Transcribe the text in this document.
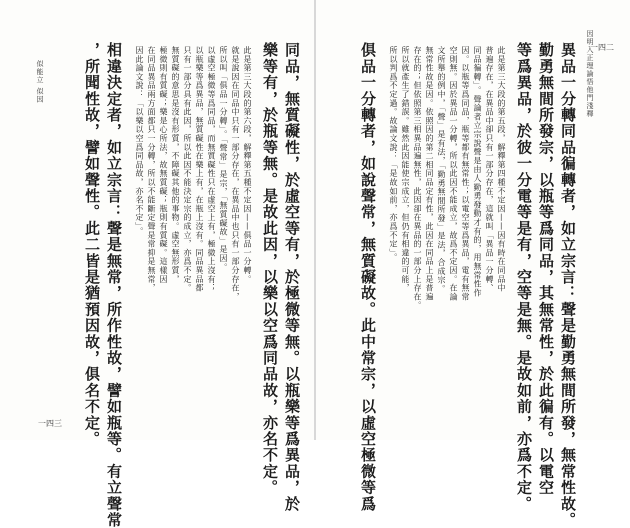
同品，無質礙性，於虛空等有，於極微等無。以瓶樂等爲異品，於
樂等有，於瓶等無。是故此因，以樂以空爲同品故，亦名不定。
此是第三大段的第六段，解釋第五種不定因——俱品一分轉。
就是說因在同品中只有一部分存在，在異品中也只有一部分存在，
所以叫「俱品一分轉」。「聲常」是宗，「無質礙故」是因。
以虛空極微等爲同品，而無質礙性只在虛空上有，極微上沒有；
以瓶樂等爲異品，無質礙性在樂上有，在瓶上沒有。同品異品都
只有一部分具有此因，所以此因不能決定宗的成立，亦爲不定。
無質礙的意思是沒有形質，不障礙其他的事物。虛空無形質，
極微則有質礙；樂是心所法，故無質礙；瓶則有質礙。這樣因
在同品異品兩方面都只一分轉，所以不能斷定聲是常抑是無常，
因此論文說：「以樂以空爲同品故，亦名不定」。
相違決定者，如立宗言：聲是無常，所作性故，譬如瓶等。有立聲常
，所聞性故，譬如聲性。此二皆是猶預因故，俱名不定。
似能立 似因
一四三
因明入正理論悟他門淺釋
一四二
異品一分轉同品徧轉者，如立宗言：聲是勤勇無間所發，無常性故。
勤勇無間所發宗，以瓶等爲同品，其無常性，於此徧有。以電空
等爲異品，於彼一分電等是有，空等是無。是故如前，亦爲不定。
此是第三大段的第五段，解釋第四種不定因——因有時在同品中
普遍存在，在異品中卻只有一部分存在，這就叫「異品一分轉、
同品徧轉」。聲論者立宗說聲是由人勤勇發動才有的，用無常性作
因。以瓶等爲同品，瓶等都有無常性；以電空等爲異品，電有無常
空則無。因於異品一分轉，所以此因不能成立，故爲不定因。在論
文所舉的例中，「聲」是有法，「勤勇無間所發」是法，合成宗。
無常性故是因。依照因的第二相同品定有性，此因在同品上是普遍
存在的；但依照第三相異品遍無性，此因卻在異品的一部分上存在。
所以就產生了錯誤。雖然此因能使宗成立，但仍有相違的可能，
所以判爲不定過。故論文說：「是故如前，亦爲不定」。
俱品一分轉者，如說聲常，無質礙故。此中常宗，以虛空極微等爲
